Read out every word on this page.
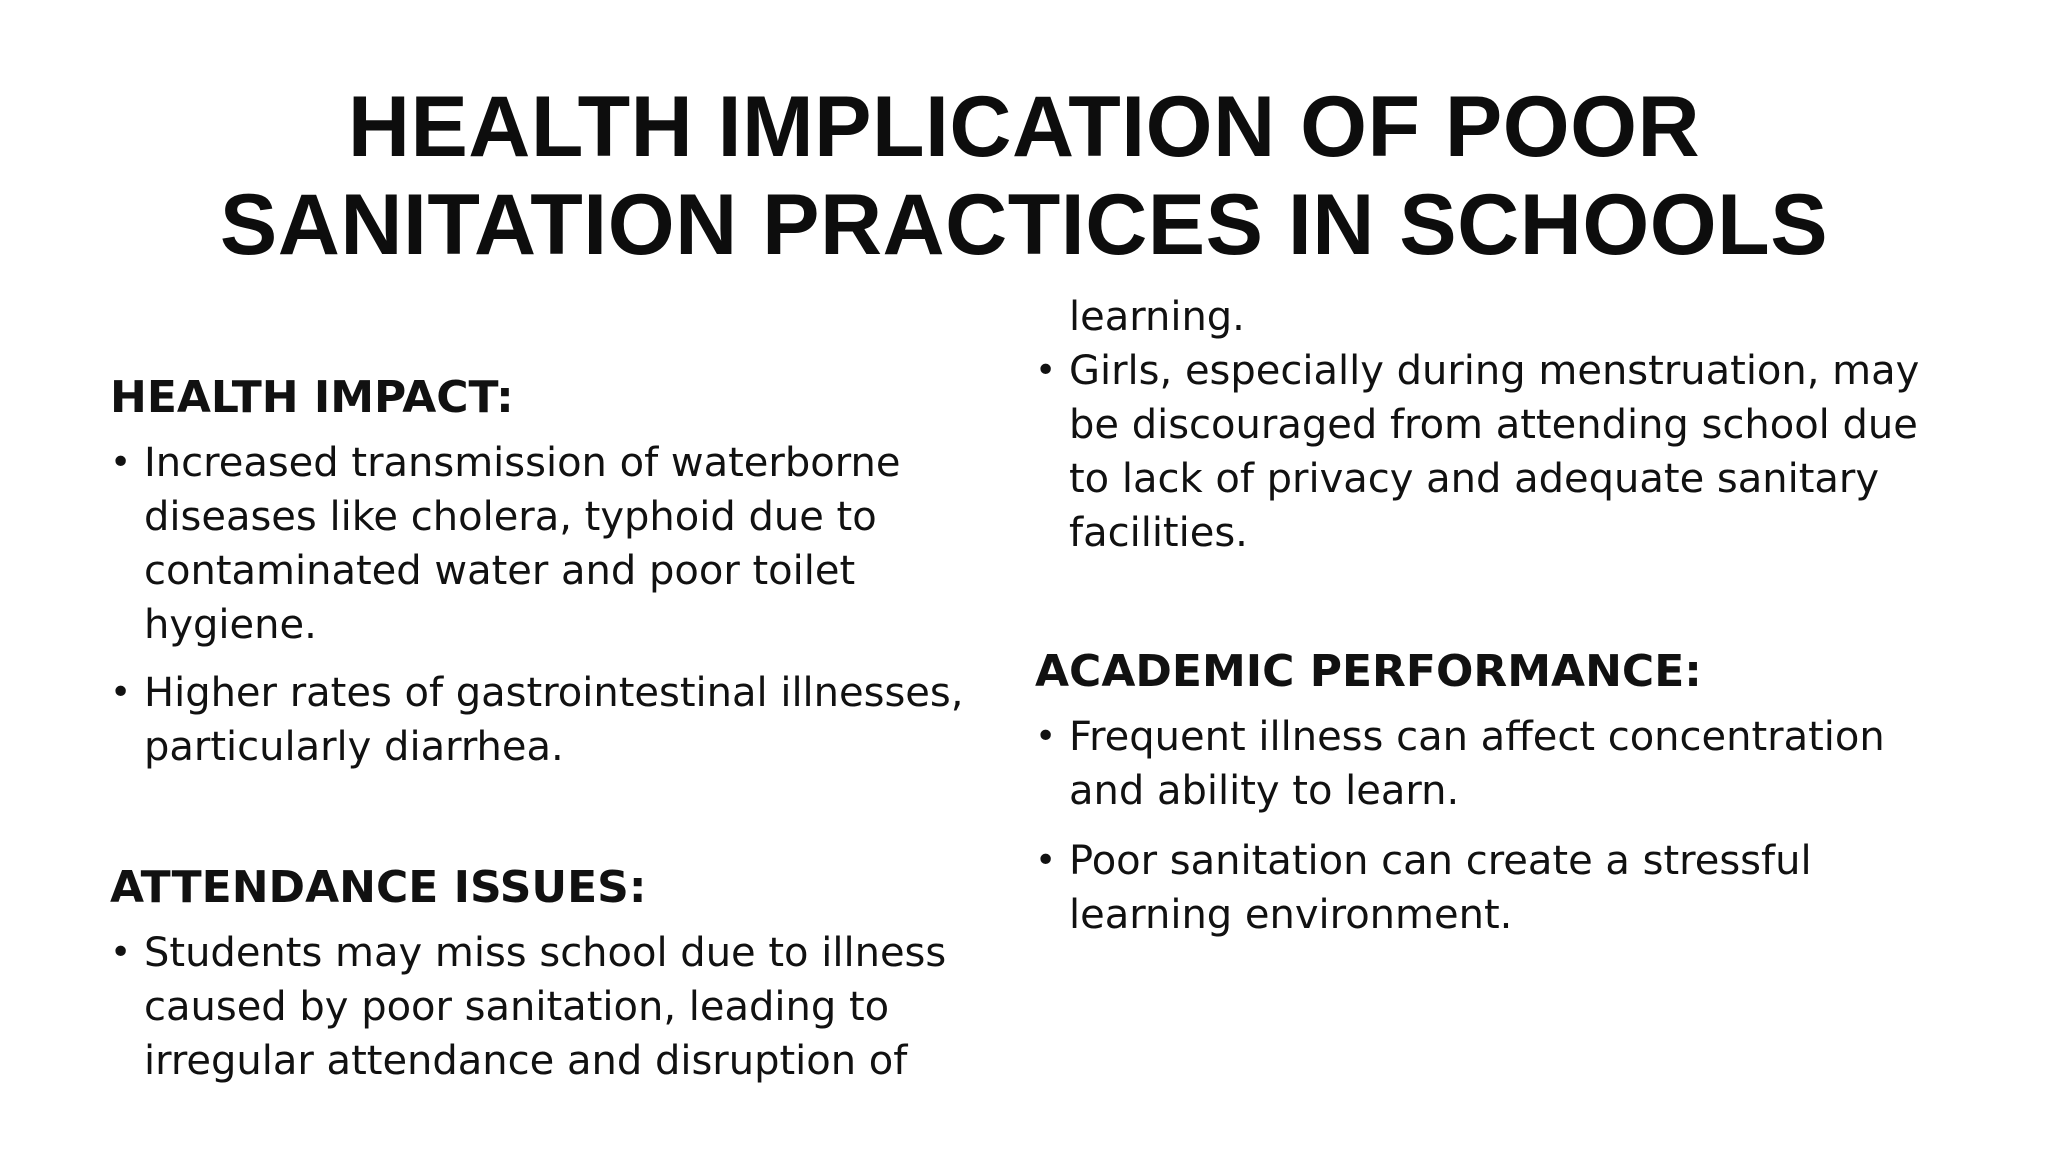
HEALTH IMPLICATION OF POOR
SANITATION PRACTICES IN SCHOOLS
HEALTH IMPACT:
• Increased transmission of waterborne diseases like cholera, typhoid due to contaminated water and poor toilet hygiene.
• Higher rates of gastrointestinal illnesses, particularly diarrhea.
ATTENDANCE ISSUES:
• Students may miss school due to illness caused by poor sanitation, leading to irregular attendance and disruption of

learning.

• Girls, especially during menstruation, may be discouraged from attending school due to lack of privacy and adequate sanitary facilities.
ACADEMIC PERFORMANCE:
• Frequent illness can affect concentration and ability to learn.
• Poor sanitation can create a stressful learning environment.
